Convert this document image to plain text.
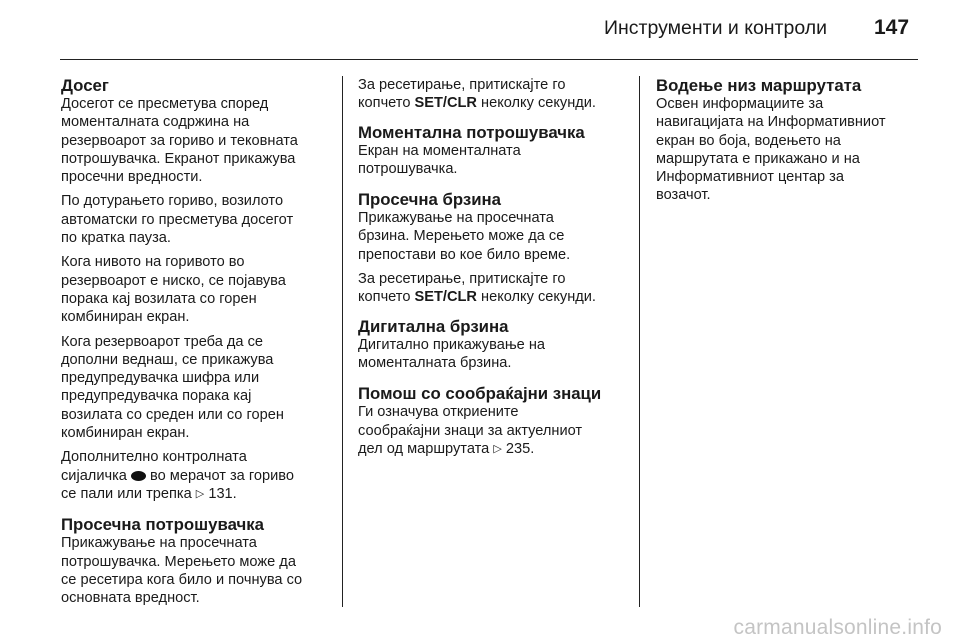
Инструменти и контроли 147
Досег

Досегот се пресметува според
моменталната содржина на
резервоарот за гориво и тековната
потрошувачка. Екранот прикажува
просечни вредности.

По дотурањето гориво, возилото
автоматски го пресметува досегот
по кратка пауза.

Кога нивото на горивото во
резервоарот е ниско, се појавува
порака кај возилата со горен
комбиниран екран.

Кога резервоарот треба да се
дополни веднаш, се прикажува
предупредувачка шифра или
предупредувачка порака кај
возилата со среден или со горен
комбиниран екран.

Дополнително контролната
сијаличка во мерачот за гориво
се пали или трепка ▷ 131.

Просечна потрошувачка

Прикажување на просечната
потрошувачка. Мерењето може да
се ресетира кога било и почнува со
основната вредност.

За ресетирање, притискајте го
копчето SET/CLR неколку секунди.

Моментална потрошувачка

Екран на моменталната
потрошувачка.

Просечна брзина

Прикажување на просечната
брзина. Мерењето може да се
препостави во кое било време.

За ресетирање, притискајте го
копчето SET/CLR неколку секунди.

Дигитална брзина

Дигитално прикажување на
моменталната брзина.

Помош со сообраќајни знаци

Ги означува откриените
сообраќајни знаци за актуелниот
дел од маршрутата ▷ 235.

Водење низ маршрутата

Освен информациите за
навигацијата на Информативниот
екран во боја, водењето на
маршрутата е прикажано и на
Информативниот центар за
возачот.

carmanualsonline.info
